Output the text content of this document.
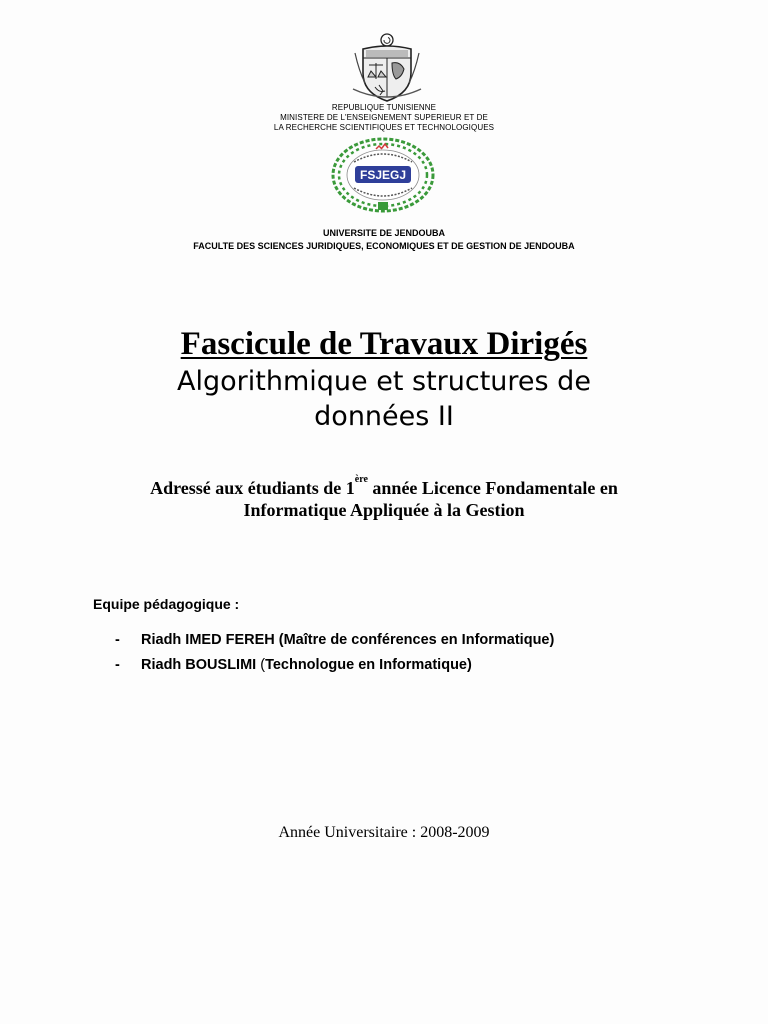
REPUBLIQUE TUNISIENNE
MINISTERE DE L'ENSEIGNEMENT SUPERIEUR ET DE
LA RECHERCHE SCIENTIFIQUES ET TECHNOLOGIQUES
FSJEGJ
UNIVERSITE DE JENDOUBA
FACULTE DES SCIENCES JURIDIQUES, ECONOMIQUES ET DE GESTION DE JENDOUBA
Fascicule de Travaux Dirigés
Algorithmique et structures de
données II
Adressé aux étudiants de 1ère année Licence Fondamentale en
Informatique Appliquée à la Gestion
Equipe pédagogique :
- Riadh IMED FEREH (Maître de conférences en Informatique)
- Riadh BOUSLIMI (Technologue en Informatique)
Année Universitaire : 2008-2009
